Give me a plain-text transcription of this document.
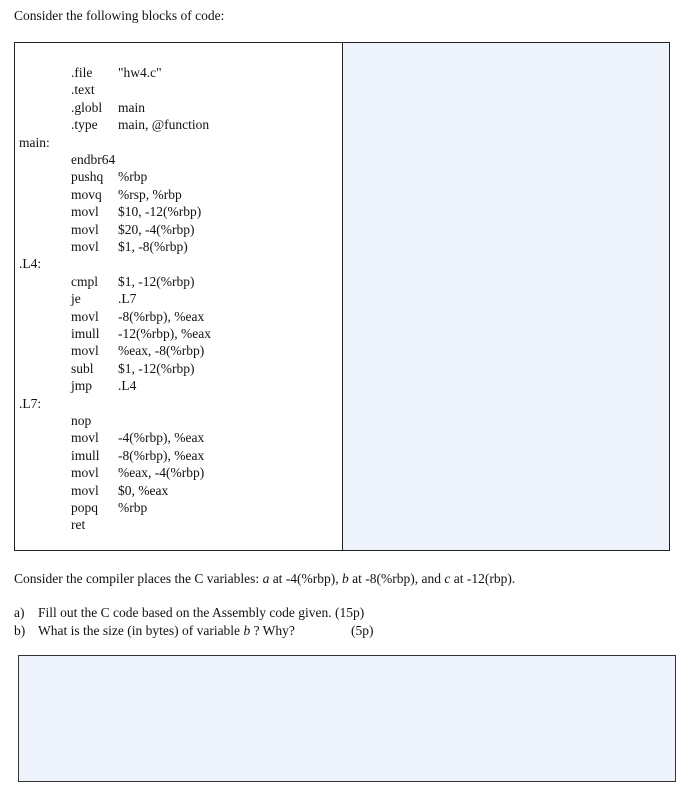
Consider the following blocks of code:
.file "hw4.c"
.text
.globl main
.type main, @function
main:
endbr64
pushq %rbp
movq %rsp, %rbp
movl $10, -12(%rbp)
movl $20, -4(%rbp)
movl $1, -8(%rbp)
.L4:
cmpl $1, -12(%rbp)
je	.L7
movl -8(%rbp), %eax
imull -12(%rbp), %eax
movl %eax, -8(%rbp)
subl $1, -12(%rbp)
jmp .L4
.L7:
nop
movl -4(%rbp), %eax
imull -8(%rbp), %eax
movl %eax, -4(%rbp)
movl $0, %eax
popq %rbp
ret
Consider the compiler places the C variables: a at -4(%rbp), b at -8(%rbp), and c at -12(rbp).
a) Fill out the C code based on the Assembly code given. (15p)
b) What is the size (in bytes) of variable b ? Why?	(5p)
